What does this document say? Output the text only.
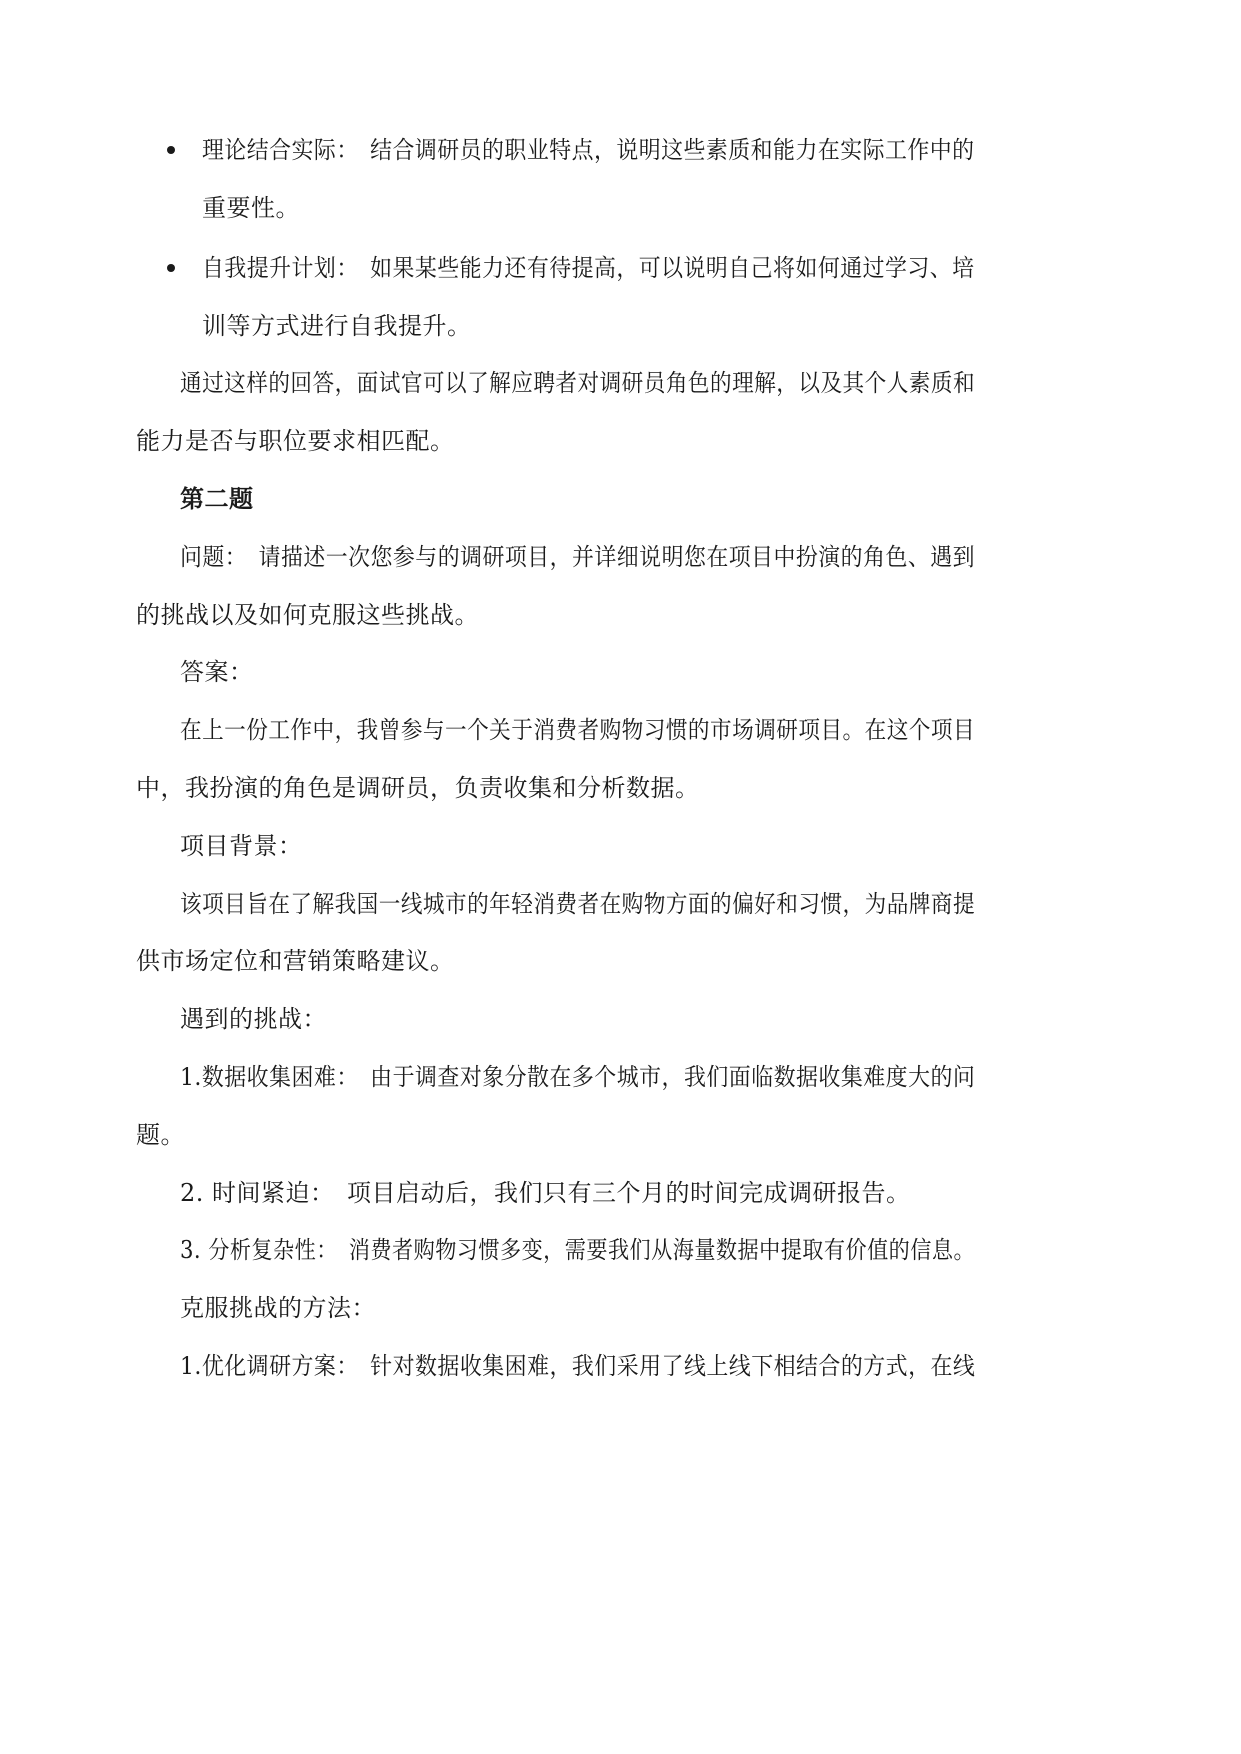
理论结合实际：　结合调研员的职业特点，说明这些素质和能力在实际工作中的
重要性。
自我提升计划：　如果某些能力还有待提高，可以说明自己将如何通过学习、培
训等方式进行自我提升。
通过这样的回答，面试官可以了解应聘者对调研员角色的理解，以及其个人素质和
能力是否与职位要求相匹配。
第二题
问题：　请描述一次您参与的调研项目，并详细说明您在项目中扮演的角色、遇到
的挑战以及如何克服这些挑战。
答案：
在上一份工作中，我曾参与一个关于消费者购物习惯的市场调研项目。在这个项目
中，我扮演的角色是调研员，负责收集和分析数据。
项目背景：
该项目旨在了解我国一线城市的年轻消费者在购物方面的偏好和习惯，为品牌商提
供市场定位和营销策略建议。
遇到的挑战：
1.数据收集困难：　由于调查对象分散在多个城市，我们面临数据收集难度大的问
题。
2. 时间紧迫：　项目启动后，我们只有三个月的时间完成调研报告。
3. 分析复杂性：　消费者购物习惯多变，需要我们从海量数据中提取有价值的信息。
克服挑战的方法：
1.优化调研方案：　针对数据收集困难，我们采用了线上线下相结合的方式，在线
